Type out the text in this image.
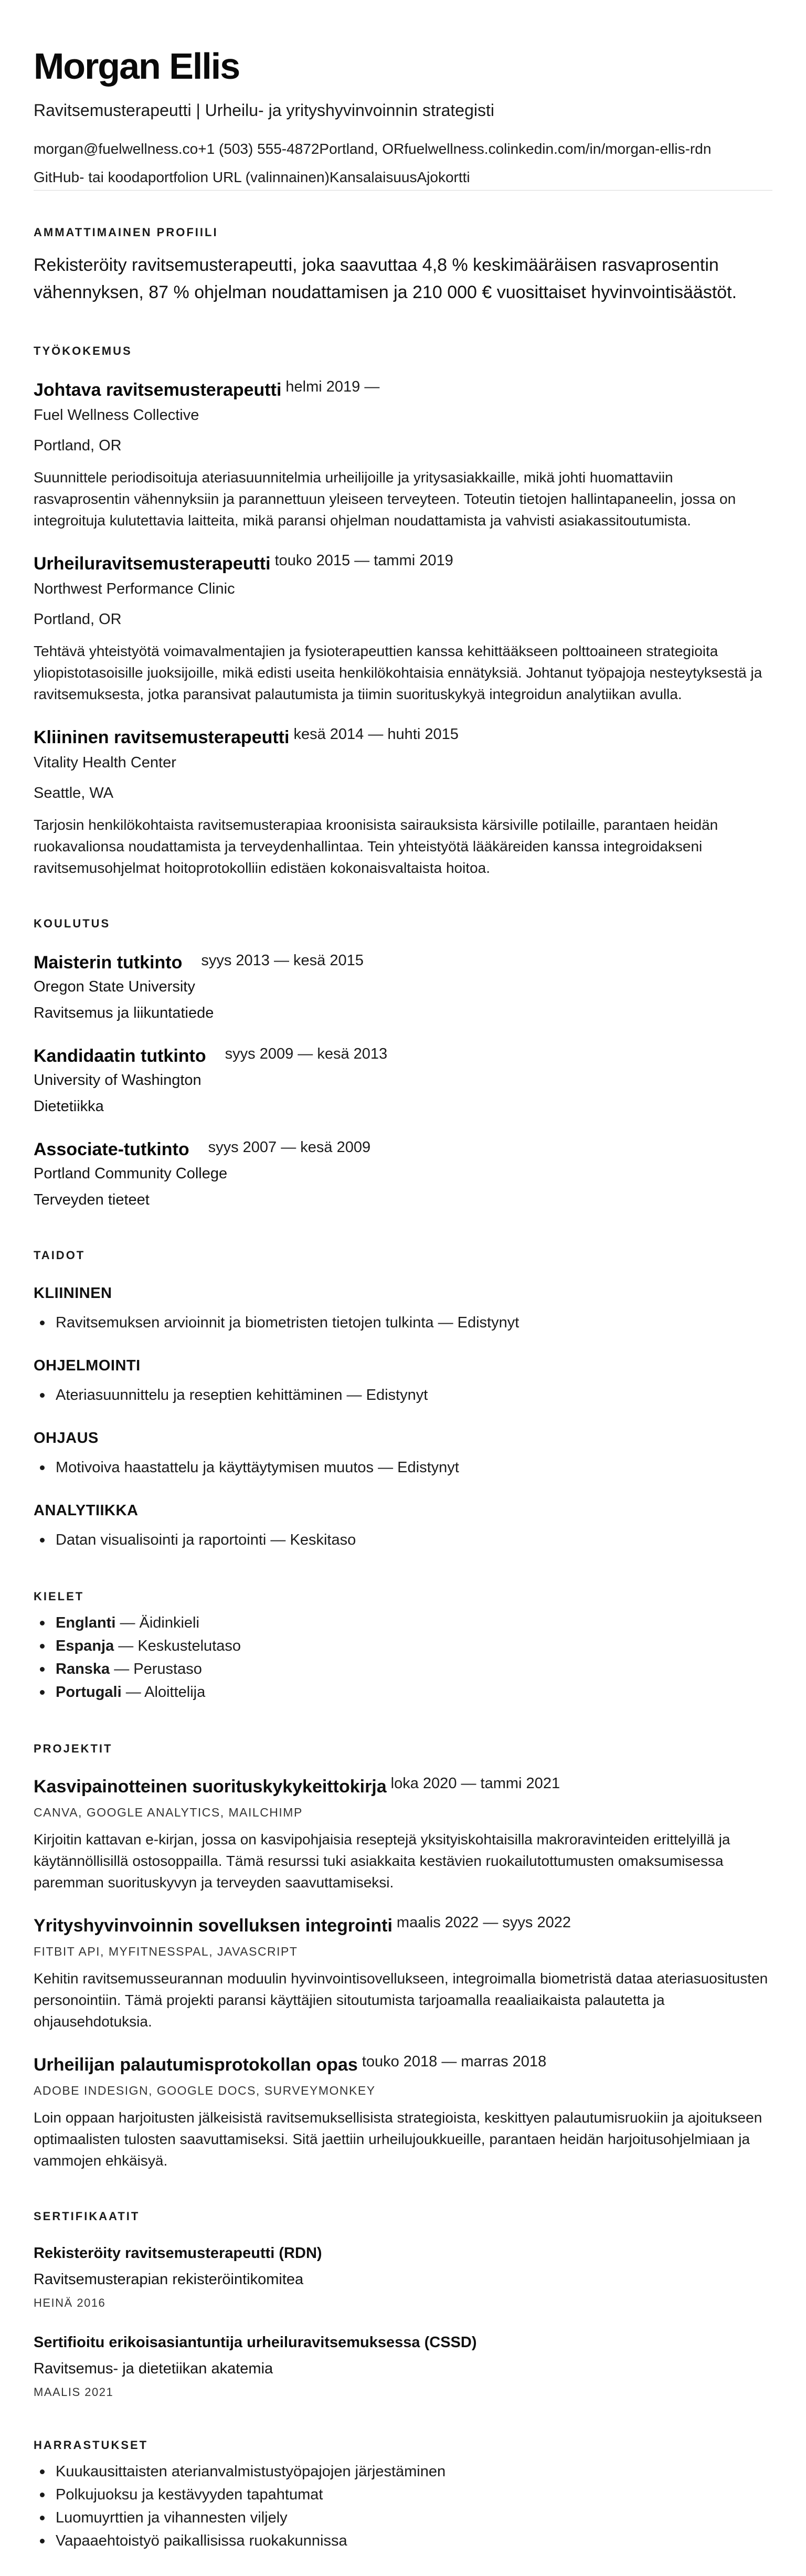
Morgan Ellis
Ravitsemusterapeutti | Urheilu- ja yrityshyvinvoinnin strategisti
morgan@fuelwellness.co+1 (503) 555-4872Portland, ORfuelwellness.colinkedin.com/in/morgan-ellis-rdn
GitHub- tai koodaportfolion URL (valinnainen)KansalaisuusAjokortti
AMMATTIMAINEN PROFIILI

Rekisteröity ravitsemusterapeutti, joka saavuttaa 4,8 % keskimääräisen rasvaprosentin vähennyksen, 87 % ohjelman noudattamisen ja 210 000 € vuosittaiset hyvinvointisäästöt.

TYÖKOKEMUS
Johtava ravitsemusterapeutti helmi 2019 —
Fuel Wellness Collective
Portland, OR

Suunnittele periodisoituja ateriasuunnitelmia urheilijoille ja yritysasiakkaille, mikä johti huomattaviin rasvaprosentin vähennyksiin ja parannettuun yleiseen terveyteen. Toteutin tietojen hallintapaneelin, jossa on integroituja kulutettavia laitteita, mikä paransi ohjelman noudattamista ja vahvisti asiakassitoutumista.

Urheiluravitsemusterapeutti touko 2015 — tammi 2019
Northwest Performance Clinic
Portland, OR

Tehtävä yhteistyötä voimavalmentajien ja fysioterapeuttien kanssa kehittääkseen polttoaineen strategioita yliopistotasoisille juoksijoille, mikä edisti useita henkilökohtaisia ennätyksiä. Johtanut työpajoja nesteytyksestä ja ravitsemuksesta, jotka paransivat palautumista ja tiimin suorituskykyä integroidun analytiikan avulla.

Kliininen ravitsemusterapeutti kesä 2014 — huhti 2015
Vitality Health Center
Seattle, WA

Tarjosin henkilökohtaista ravitsemusterapiaa kroonisista sairauksista kärsiville potilaille, parantaen heidän ruokavalionsa noudattamista ja terveydenhallintaa. Tein yhteistyötä lääkäreiden kanssa integroidakseni ravitsemusohjelmat hoitoprotokolliin edistäen kokonaisvaltaista hoitoa.

KOULUTUS
Maisterin tutkinto syys 2013 — kesä 2015
Oregon State University
Ravitsemus ja liikuntatiede
Kandidaatin tutkinto syys 2009 — kesä 2013
University of Washington
Dietetiikka
Associate-tutkinto syys 2007 — kesä 2009
Portland Community College
Terveyden tieteet
TAIDOT
KLIININEN
Ravitsemuksen arvioinnit ja biometristen tietojen tulkinta — Edistynyt
OHJELMOINTI
Ateriasuunnittelu ja reseptien kehittäminen — Edistynyt
OHJAUS
Motivoiva haastattelu ja käyttäytymisen muutos — Edistynyt
ANALYTIIKKA
Datan visualisointi ja raportointi — Keskitaso
KIELET
Englanti — Äidinkieli
Espanja — Keskustelutaso
Ranska — Perustaso
Portugali — Aloittelija
PROJEKTIT
Kasvipainotteinen suorituskykykeittokirja loka 2020 — tammi 2021
CANVA, GOOGLE ANALYTICS, MAILCHIMP

Kirjoitin kattavan e-kirjan, jossa on kasvipohjaisia reseptejä yksityiskohtaisilla makroravinteiden erittelyillä ja käytännöllisillä ostosoppailla. Tämä resurssi tuki asiakkaita kestävien ruokailutottumusten omaksumisessa paremman suorituskyvyn ja terveyden saavuttamiseksi.

Yrityshyvinvoinnin sovelluksen integrointi maalis 2022 — syys 2022
FITBIT API, MYFITNESSPAL, JAVASCRIPT

Kehitin ravitsemusseurannan moduulin hyvinvointisovellukseen, integroimalla biometristä dataa ateriasuositusten personointiin. Tämä projekti paransi käyttäjien sitoutumista tarjoamalla reaaliaikaista palautetta ja ohjausehdotuksia.

Urheilijan palautumisprotokollan opas touko 2018 — marras 2018
ADOBE INDESIGN, GOOGLE DOCS, SURVEYMONKEY

Loin oppaan harjoitusten jälkeisistä ravitsemuksellisista strategioista, keskittyen palautumisruokiin ja ajoitukseen optimaalisten tulosten saavuttamiseksi. Sitä jaettiin urheilujoukkueille, parantaen heidän harjoitusohjelmiaan ja vammojen ehkäisyä.

SERTIFIKAATIT
Rekisteröity ravitsemusterapeutti (RDN)
Ravitsemusterapian rekisteröintikomitea
HEINÄ 2016
Sertifioitu erikoisasiantuntija urheiluravitsemuksessa (CSSD)
Ravitsemus- ja dietetiikan akatemia
MAALIS 2021
HARRASTUKSET
Kuukausittaisten aterianvalmistustyöpajojen järjestäminen
Polkujuoksu ja kestävyyden tapahtumat
Luomuyrttien ja vihannesten viljely
Vapaaehtoistyö paikallisissa ruokakunnissa
